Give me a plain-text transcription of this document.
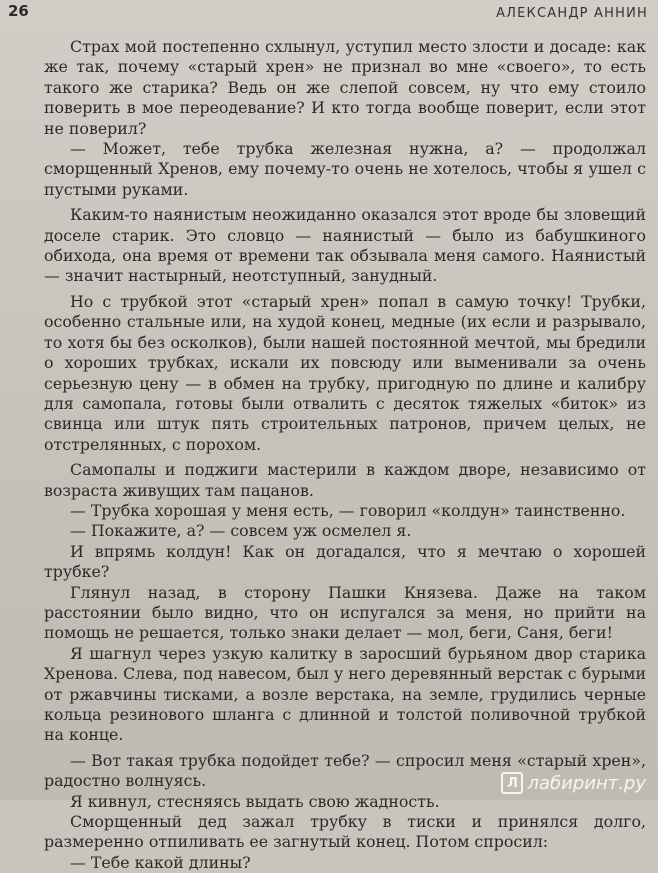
26	АЛЕКСАНДР АННИН

Страх мой постепенно схлынул, уступил место злости и досаде: как же так, почему «старый хрен» не признал во мне «своего», то есть такого же старика? Ведь он же слепой совсем, ну что ему стоило поверить в мое переодевание? И кто тогда вообще поверит, если этот не поверил?

— Может, тебе трубка железная нужна, а? — продолжал сморщенный Хренов, ему почему-то очень не хотелось, чтобы я ушел с пустыми руками.

Каким-то наянистым неожиданно оказался этот вроде бы зловещий доселе старик. Это словцо — наянистый — было из бабушкиного обихода, она время от времени так обзывала меня самого. Наянистый — значит настырный, неотступный, занудный.

Но с трубкой этот «старый хрен» попал в самую точку! Трубки, особенно стальные или, на худой конец, медные (их если и разрывало, то хотя бы без осколков), были нашей постоянной мечтой, мы бредили о хороших трубках, искали их повсюду или выменивали за очень серьезную цену — в обмен на трубку, пригодную по длине и калибру для самопала, готовы были отвалить с десяток тяжелых «биток» из свинца или штук пять строительных патронов, причем целых, не отстрелянных, с порохом.

Самопалы и поджиги мастерили в каждом дворе, независимо от возраста живущих там пацанов.

— Трубка хорошая у меня есть, — говорил «колдун» таинственно.

— Покажите, а? — совсем уж осмелел я.

И впрямь колдун! Как он догадался, что я мечтаю о хорошей трубке?

Глянул назад, в сторону Пашки Князева. Даже на таком расстоянии было видно, что он испугался за меня, но прийти на помощь не решается, только знаки делает — мол, беги, Саня, беги!

Я шагнул через узкую калитку в заросший бурьяном двор старика Хренова. Слева, под навесом, был у него деревянный верстак с бурыми от ржавчины тисками, а возле верстака, на земле, грудились черные кольца резинового шланга с длинной и толстой поливочной трубкой на конце.

— Вот такая трубка подойдет тебе? — спросил меня «старый хрен», радостно волнуясь.

Я кивнул, стесняясь выдать свою жадность.

Сморщенный дед зажал трубку в тиски и принялся долго, размеренно отпиливать ее загнутый конец. Потом спросил:

— Тебе какой длины?

Л лабиринт.ру
